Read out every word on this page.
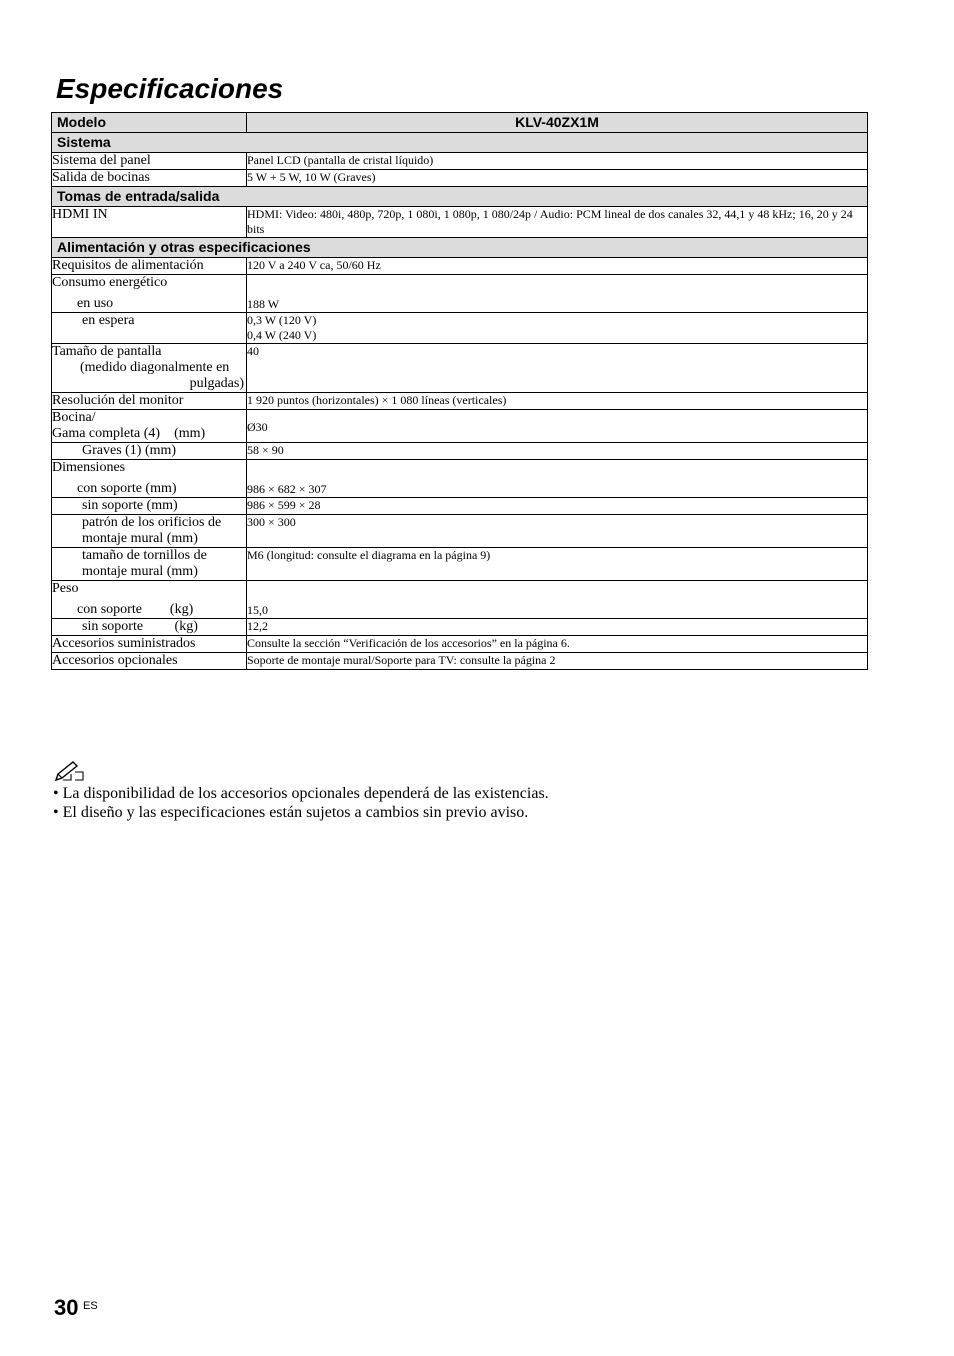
Especificaciones
Modelo	KLV-40ZX1M
Sistema	
Sistema del panel	Panel LCD (pantalla de cristal líquido)
Salida de bocinas	5 W + 5 W, 10 W (Graves)
Tomas de entrada/salida	
HDMI IN	HDMI: Video: 480i, 480p, 720p, 1 080i, 1 080p, 1 080/24p / Audio: PCM lineal de dos canales 32, 44,1 y 48 kHz; 16, 20 y 24 bits
Alimentación y otras especificaciones	
Requisitos de alimentación	120 V a 240 V ca, 50/60 Hz
Consumo energético
en uso	188 W
en espera	0,3 W (120 V)
0,4 W (240 V)

Tamaño de pantalla
(medido diagonalmente en
pulgadas)	40
Resolución del monitor	1 920 puntos (horizontales) × 1 080 líneas (verticales)

Bocina/
Gama completa (4)    (mm)	Ø30
Graves (1) (mm)	58 × 90
Dimensiones
con soporte (mm)	986 × 682 × 307
sin soporte (mm)	986 × 599 × 28
patrón de los orificios de montaje mural (mm)	300 × 300
tamaño de tornillos de montaje mural (mm)	M6 (longitud: consulte el diagrama en la página 9)
Peso
con soporte        (kg)	15,0
sin soporte         (kg)	12,2
Accesorios suministrados	Consulte la sección “Verificación de los accesorios” en la página 6.
Accesorios opcionales	Soporte de montaje mural/Soporte para TV: consulte la página 2

• La disponibilidad de los accesorios opcionales dependerá de las existencias.

• El diseño y las especificaciones están sujetos a cambios sin previo aviso.

30 ES
